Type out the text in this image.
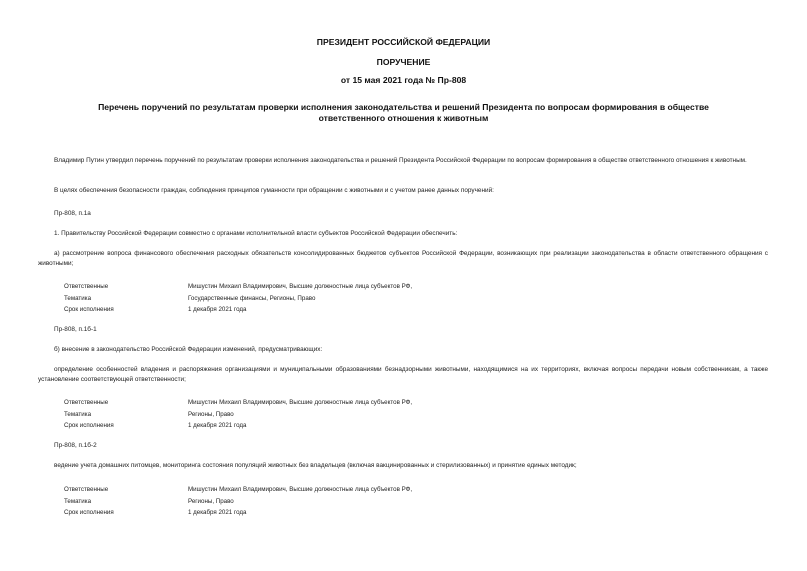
ПРЕЗИДЕНТ РОССИЙСКОЙ ФЕДЕРАЦИИ
ПОРУЧЕНИЕ
от 15 мая 2021 года № Пр-808
Перечень поручений по результатам проверки исполнения законодательства и решений Президента по вопросам формирования в обществе ответственного отношения к животным
Владимир Путин утвердил перечень поручений по результатам проверки исполнения законодательства и решений Президента Российской Федерации по вопросам формирования в обществе ответственного отношения к животным.
В целях обеспечения безопасности граждан, соблюдения принципов гуманности при обращении с животными и с учетом ранее данных поручений:
Пр-808, п.1а
1. Правительству Российской Федерации совместно с органами исполнительной власти субъектов Российской Федерации обеспечить:
а) рассмотрение вопроса финансового обеспечения расходных обязательств консолидированных бюджетов субъектов Российской Федерации, возникающих при реализации законодательства в области ответственного обращения с животными;
Ответственные	Мишустин Михаил Владимирович, Высшие должностные лица субъектов РФ,
Тематика	Государственные финансы, Регионы, Право
Срок исполнения	1 декабря 2021 года
Пр-808, п.1б-1
б) внесение в законодательство Российской Федерации изменений, предусматривающих:
определение особенностей владения и распоряжения организациями и муниципальными образованиями безнадзорными животными, находящимися на их территориях, включая вопросы передачи новым собственникам, а также установление соответствующей ответственности;
Ответственные	Мишустин Михаил Владимирович, Высшие должностные лица субъектов РФ,
Тематика	Регионы, Право
Срок исполнения	1 декабря 2021 года
Пр-808, п.1б-2
ведение учета домашних питомцев, мониторинга состояния популяций животных без владельцев (включая вакцинированных и стерилизованных) и принятие единых методик;
Ответственные	Мишустин Михаил Владимирович, Высшие должностные лица субъектов РФ,
Тематика	Регионы, Право
Срок исполнения	1 декабря 2021 года
